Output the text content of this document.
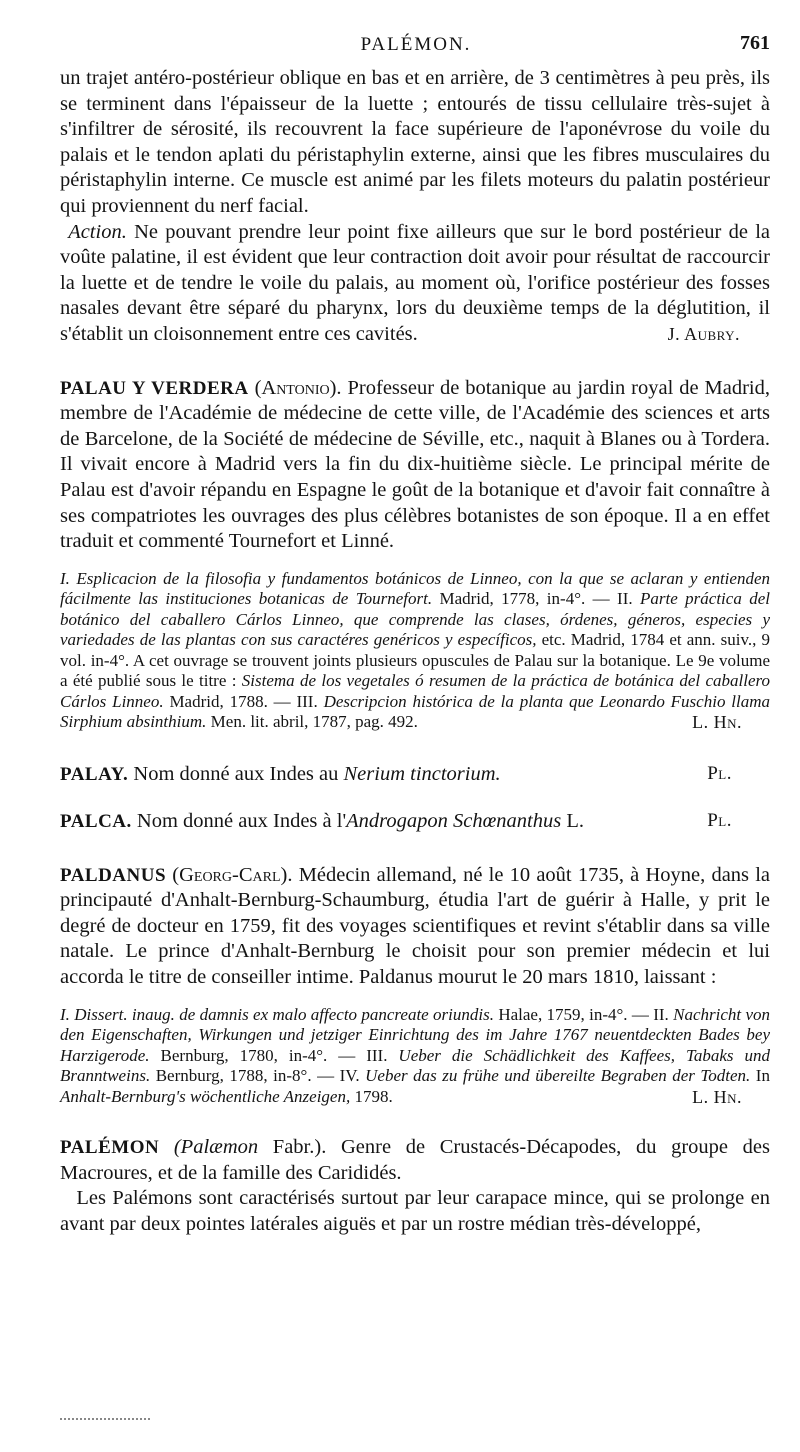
PALÉMON.	761

un trajet antéro-postérieur oblique en bas et en arrière, de 3 centimètres à peu près, ils se terminent dans l'épaisseur de la luette ; entourés de tissu cellulaire très-sujet à s'infiltrer de sérosité, ils recouvrent la face supérieure de l'aponévrose du voile du palais et le tendon aplati du péristaphylin externe, ainsi que les fibres musculaires du péristaphylin interne. Ce muscle est animé par les filets moteurs du palatin postérieur qui proviennent du nerf facial.

Action. Ne pouvant prendre leur point fixe ailleurs que sur le bord postérieur de la voûte palatine, il est évident que leur contraction doit avoir pour résultat de raccourcir la luette et de tendre le voile du palais, au moment où, l'orifice postérieur des fosses nasales devant être séparé du pharynx, lors du deuxième temps de la déglutition, il s'établit un cloisonnement entre ces cavités.	J. Aubry.

PALAU Y VERDERA (Antonio). Professeur de botanique au jardin royal de Madrid, membre de l'Académie de médecine de cette ville, de l'Académie des sciences et arts de Barcelone, de la Société de médecine de Séville, etc., naquit à Blanes ou à Tordera. Il vivait encore à Madrid vers la fin du dix-huitième siècle. Le principal mérite de Palau est d'avoir répandu en Espagne le goût de la botanique et d'avoir fait connaître à ses compatriotes les ouvrages des plus célèbres botanistes de son époque. Il a en effet traduit et commenté Tournefort et Linné.

I. Esplicacion de la filosofia y fundamentos botánicos de Linneo, con la que se aclaran y entienden fácilmente las instituciones botanicas de Tournefort. Madrid, 1778, in-4°. — II. Parte práctica del botánico del caballero Cárlos Linneo, que comprende las clases, órdenes, géneros, especies y variedades de las plantas con sus caractéres genéricos y específicos, etc. Madrid, 1784 et ann. suiv., 9 vol. in-4°. A cet ouvrage se trouvent joints plusieurs opuscules de Palau sur la botanique. Le 9e volume a été publié sous le titre : Sistema de los vegetales ó resumen de la práctica de botánica del caballero Cárlos Linneo. Madrid, 1788. — III. Descripcion histórica de la planta que Leonardo Fuschio llama Sirphium absinthium. Men. lit. abril, 1787, pag. 492.	L. Hn.

PALAY. Nom donné aux Indes au Nerium tinctorium.	Pl.

PALCA. Nom donné aux Indes à l'Androgapon Schœnanthus L.	Pl.

PALDANUS (Georg-Carl). Médecin allemand, né le 10 août 1735, à Hoyne, dans la principauté d'Anhalt-Bernburg-Schaumburg, étudia l'art de guérir à Halle, y prit le degré de docteur en 1759, fit des voyages scientifiques et revint s'établir dans sa ville natale. Le prince d'Anhalt-Bernburg le choisit pour son premier médecin et lui accorda le titre de conseiller intime. Paldanus mourut le 20 mars 1810, laissant :

I. Dissert. inaug. de damnis ex malo affecto pancreate oriundis. Halae, 1759, in-4°. — II. Nachricht von den Eigenschaften, Wirkungen und jetziger Einrichtung des im Jahre 1767 neuentdeckten Bades bey Harzigerode. Bernburg, 1780, in-4°. — III. Ueber die Schädlichkeit des Kaffees, Tabaks und Branntweins. Bernburg, 1788, in-8°. — IV. Ueber das zu frühe und übereilte Begraben der Todten. In Anhalt-Bernburg's wöchentliche Anzeigen, 1798.	L. Hn.

PALÉMON (Palæmon Fabr.). Genre de Crustacés-Décapodes, du groupe des Macroures, et de la famille des Carididés.

Les Palémons sont caractérisés surtout par leur carapace mince, qui se prolonge en avant par deux pointes latérales aiguës et par un rostre médian très-développé,
